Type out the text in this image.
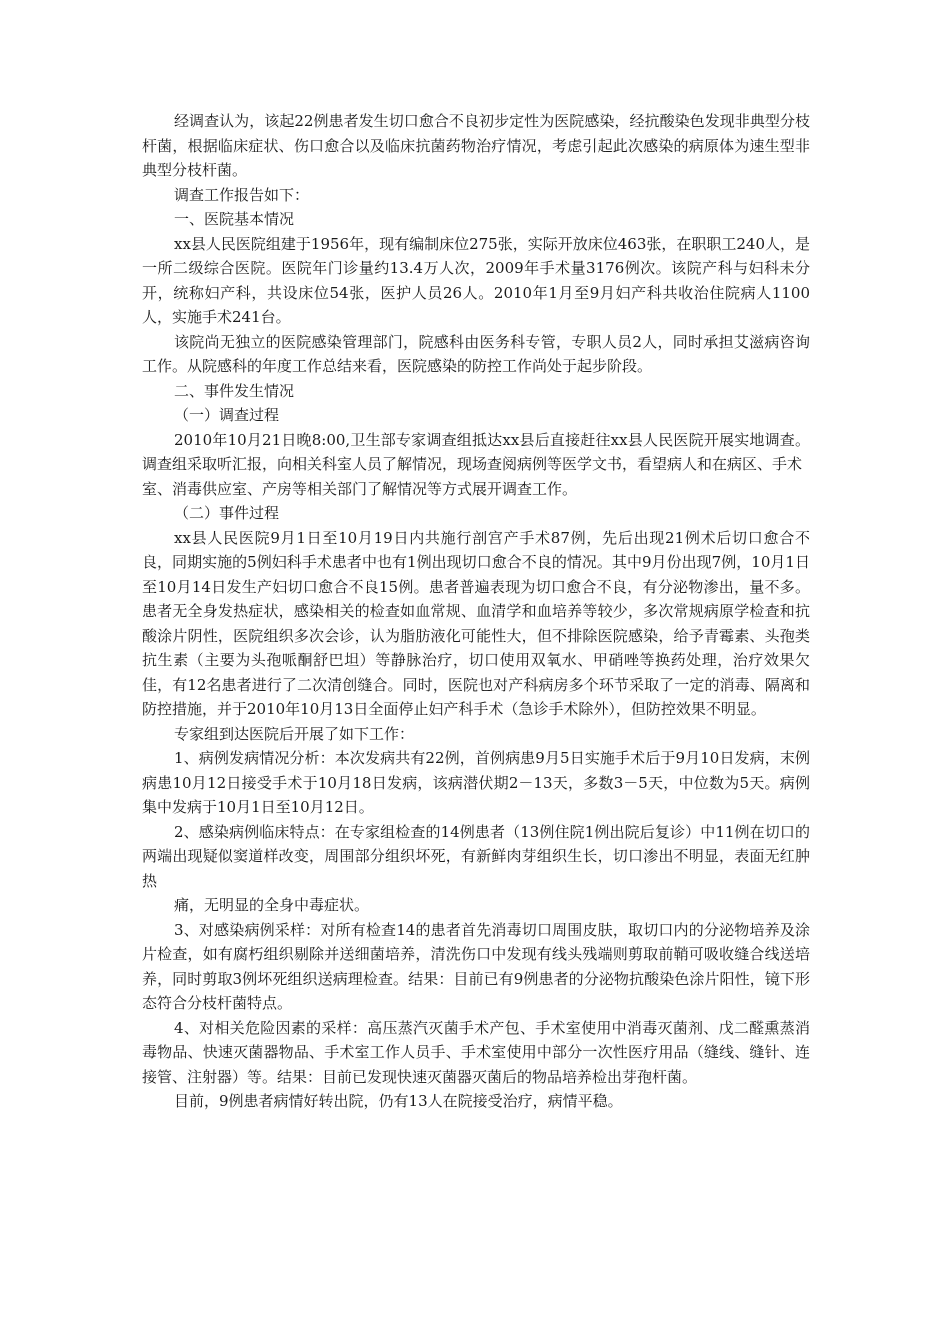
经调查认为，该起22例患者发生切口愈合不良初步定性为医院感染，经抗酸染色发现非典型分枝杆菌，根据临床症状、伤口愈合以及临床抗菌药物治疗情况，考虑引起此次感染的病原体为速生型非典型分枝杆菌。

调查工作报告如下：

一、医院基本情况

xx县人民医院组建于1956年，现有编制床位275张，实际开放床位463张，在职职工240人，是一所二级综合医院。医院年门诊量约13.4万人次，2009年手术量3176例次。该院产科与妇科未分开，统称妇产科，共设床位54张，医护人员26人。2010年1月至9月妇产科共收治住院病人1100人，实施手术241台。

该院尚无独立的医院感染管理部门，院感科由医务科专管，专职人员2人，同时承担艾滋病咨询工作。从院感科的年度工作总结来看，医院感染的防控工作尚处于起步阶段。

二、事件发生情况

（一）调查过程

2010年10月21日晚8:00,卫生部专家调查组抵达xx县后直接赶往xx县人民医院开展实地调查。调查组采取听汇报，向相关科室人员了解情况，现场查阅病例等医学文书，看望病人和在病区、手术

室、消毒供应室、产房等相关部门了解情况等方式展开调查工作。

（二）事件过程

xx县人民医院9月1日至10月19日内共施行剖宫产手术87例，先后出现21例术后切口愈合不良，同期实施的5例妇科手术患者中也有1例出现切口愈合不良的情况。其中9月份出现7例，10月1日至10月14日发生产妇切口愈合不良15例。患者普遍表现为切口愈合不良，有分泌物渗出，量不多。患者无全身发热症状，感染相关的检查如血常规、血清学和血培养等较少，多次常规病原学检查和抗酸涂片阴性，医院组织多次会诊，认为脂肪液化可能性大，但不排除医院感染，给予青霉素、头孢类抗生素（主要为头孢哌酮舒巴坦）等静脉治疗，切口使用双氧水、甲硝唑等换药处理，治疗效果欠佳，有12名患者进行了二次清创缝合。同时，医院也对产科病房多个环节采取了一定的消毒、隔离和防控措施，并于2010年10月13日全面停止妇产科手术（急诊手术除外），但防控效果不明显。

专家组到达医院后开展了如下工作：

1、病例发病情况分析：本次发病共有22例，首例病患9月5日实施手术后于9月10日发病，末例病患10月12日接受手术于10月18日发病，该病潜伏期2－13天，多数3－5天，中位数为5天。病例集中发病于10月1日至10月12日。

2、感染病例临床特点：在专家组检查的14例患者（13例住院1例出院后复诊）中11例在切口的两端出现疑似窦道样改变，周围部分组织坏死，有新鲜肉芽组织生长，切口渗出不明显，表面无红肿热

痛，无明显的全身中毒症状。

3、对感染病例采样：对所有检查14的患者首先消毒切口周围皮肤，取切口内的分泌物培养及涂片检查，如有腐朽组织剔除并送细菌培养，清洗伤口中发现有线头残端则剪取前鞘可吸收缝合线送培养，同时剪取3例坏死组织送病理检查。结果：目前已有9例患者的分泌物抗酸染色涂片阳性，镜下形态符合分枝杆菌特点。

4、对相关危险因素的采样：高压蒸汽灭菌手术产包、手术室使用中消毒灭菌剂、戊二醛熏蒸消毒物品、快速灭菌器物品、手术室工作人员手、手术室使用中部分一次性医疗用品（缝线、缝针、连接管、注射器）等。结果：目前已发现快速灭菌器灭菌后的物品培养检出芽孢杆菌。

目前，9例患者病情好转出院，仍有13人在院接受治疗，病情平稳。
